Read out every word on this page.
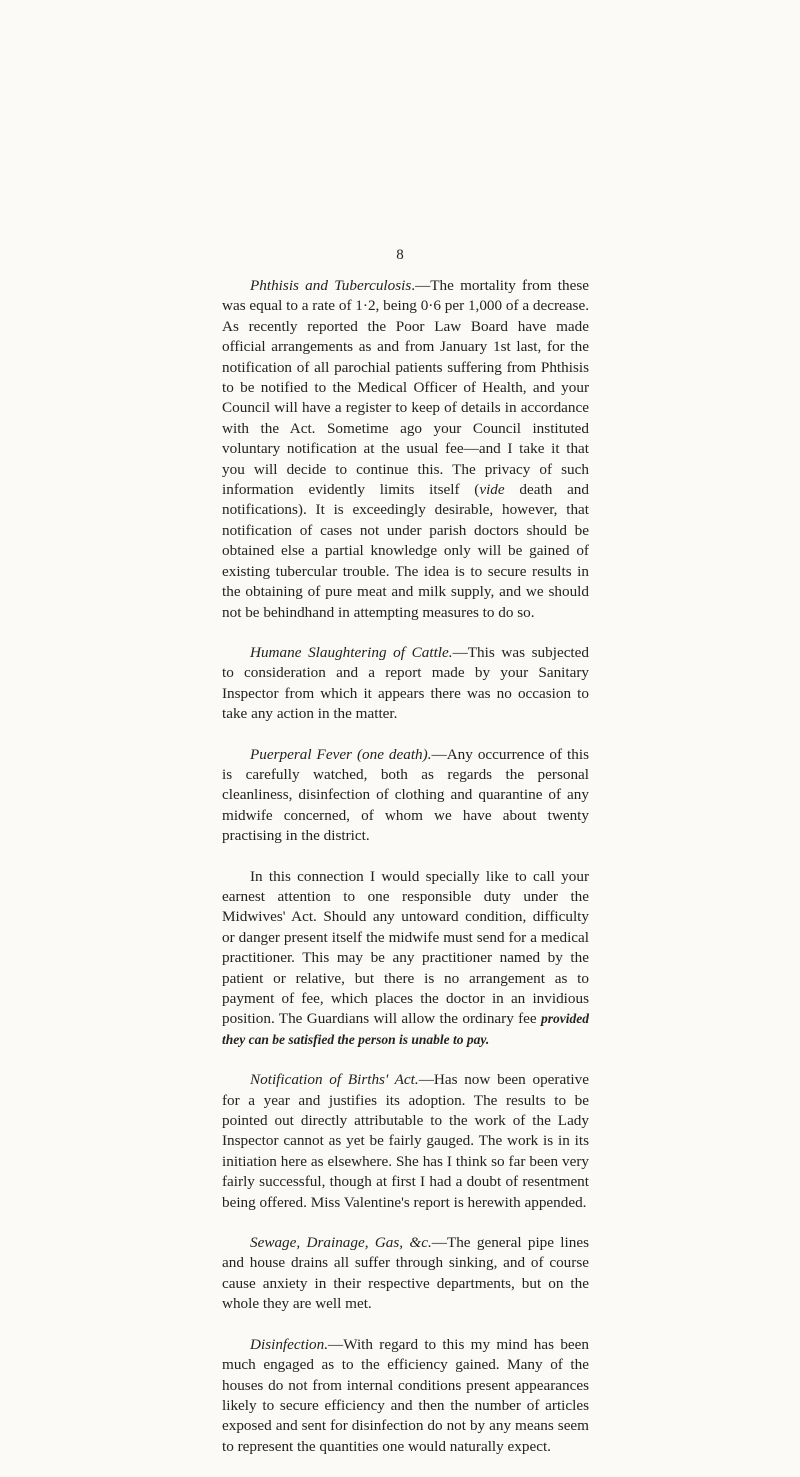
8

Phthisis and Tuberculosis.—The mortality from these was equal to a rate of 1·2, being 0·6 per 1,000 of a decrease. As recently reported the Poor Law Board have made official arrangements as and from January 1st last, for the notification of all parochial patients suffering from Phthisis to be notified to the Medical Officer of Health, and your Council will have a register to keep of details in accordance with the Act. Sometime ago your Council instituted voluntary notification at the usual fee—and I take it that you will decide to continue this. The privacy of such information evidently limits itself (vide death and notifications). It is exceedingly desirable, however, that notification of cases not under parish doctors should be obtained else a partial knowledge only will be gained of existing tubercular trouble. The idea is to secure results in the obtaining of pure meat and milk supply, and we should not be behindhand in attempting measures to do so.

Humane Slaughtering of Cattle.—This was subjected to consideration and a report made by your Sanitary Inspector from which it appears there was no occasion to take any action in the matter.

Puerperal Fever (one death).—Any occurrence of this is carefully watched, both as regards the personal cleanliness, disinfection of clothing and quarantine of any midwife concerned, of whom we have about twenty practising in the district.

In this connection I would specially like to call your earnest attention to one responsible duty under the Midwives' Act. Should any untoward condition, difficulty or danger present itself the midwife must send for a medical practitioner. This may be any practitioner named by the patient or relative, but there is no arrangement as to payment of fee, which places the doctor in an invidious position. The Guardians will allow the ordinary fee provided they can be satisfied the person is unable to pay.

Notification of Births' Act.—Has now been operative for a year and justifies its adoption. The results to be pointed out directly attributable to the work of the Lady Inspector cannot as yet be fairly gauged. The work is in its initiation here as elsewhere. She has I think so far been very fairly successful, though at first I had a doubt of resentment being offered. Miss Valentine's report is herewith appended.

Sewage, Drainage, Gas, &c.—The general pipe lines and house drains all suffer through sinking, and of course cause anxiety in their respective departments, but on the whole they are well met.

Disinfection.—With regard to this my mind has been much engaged as to the efficiency gained. Many of the houses do not from internal conditions present appearances likely to secure efficiency and then the number of articles exposed and sent for disinfection do not by any means seem to represent the quantities one would naturally expect.
